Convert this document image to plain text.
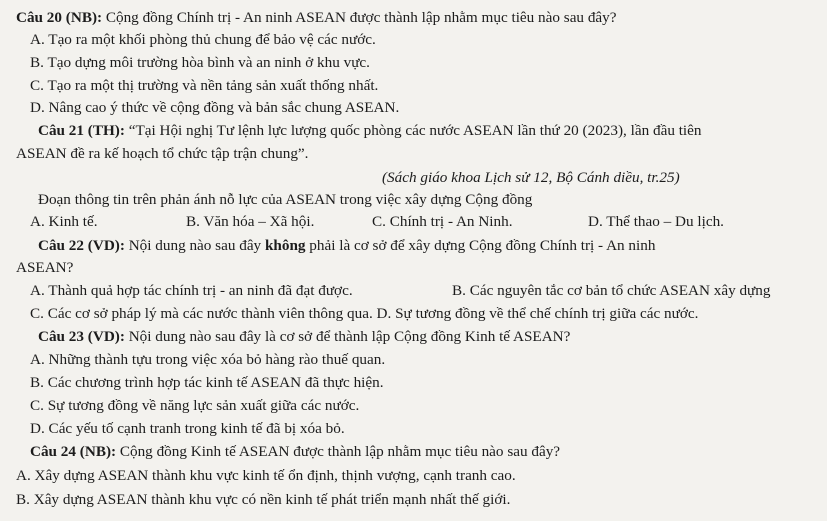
Câu 20 (NB): Cộng đồng Chính trị - An ninh ASEAN được thành lập nhằm mục tiêu nào sau đây?
A. Tạo ra một khối phòng thủ chung để bảo vệ các nước.
B. Tạo dựng môi trường hòa bình và an ninh ở khu vực.
C. Tạo ra một thị trường và nền tảng sản xuất thống nhất.
D. Nâng cao ý thức về cộng đồng và bản sắc chung ASEAN.
Câu 21 (TH): “Tại Hội nghị Tư lệnh lực lượng quốc phòng các nước ASEAN lần thứ 20 (2023), lần đầu tiên
ASEAN đề ra kế hoạch tổ chức tập trận chung”.
(Sách giáo khoa Lịch sử 12, Bộ Cánh diều, tr.25)
Đoạn thông tin trên phản ánh nỗ lực của ASEAN trong việc xây dựng Cộng đồng
A. Kinh tế.	B. Văn hóa – Xã hội.	C. Chính trị - An Ninh.	D. Thể thao – Du lịch.
Câu 22 (VD): Nội dung nào sau đây không phải là cơ sở để xây dựng Cộng đồng Chính trị - An ninh
ASEAN?
A. Thành quả hợp tác chính trị - an ninh đã đạt được.	B. Các nguyên tắc cơ bản tổ chức ASEAN xây dựng
C. Các cơ sở pháp lý mà các nước thành viên thông qua. D. Sự tương đồng về thể chế chính trị giữa các nước.
Câu 23 (VD): Nội dung nào sau đây là cơ sở để thành lập Cộng đồng Kinh tế ASEAN?
A. Những thành tựu trong việc xóa bỏ hàng rào thuế quan.
B. Các chương trình hợp tác kinh tế ASEAN đã thực hiện.
C. Sự tương đồng về năng lực sản xuất giữa các nước.
D. Các yếu tố cạnh tranh trong kinh tế đã bị xóa bỏ.
Câu 24 (NB): Cộng đồng Kinh tế ASEAN được thành lập nhằm mục tiêu nào sau đây?
A. Xây dựng ASEAN thành khu vực kinh tế ổn định, thịnh vượng, cạnh tranh cao.
B. Xây dựng ASEAN thành khu vực có nền kinh tế phát triển mạnh nhất thế giới.
